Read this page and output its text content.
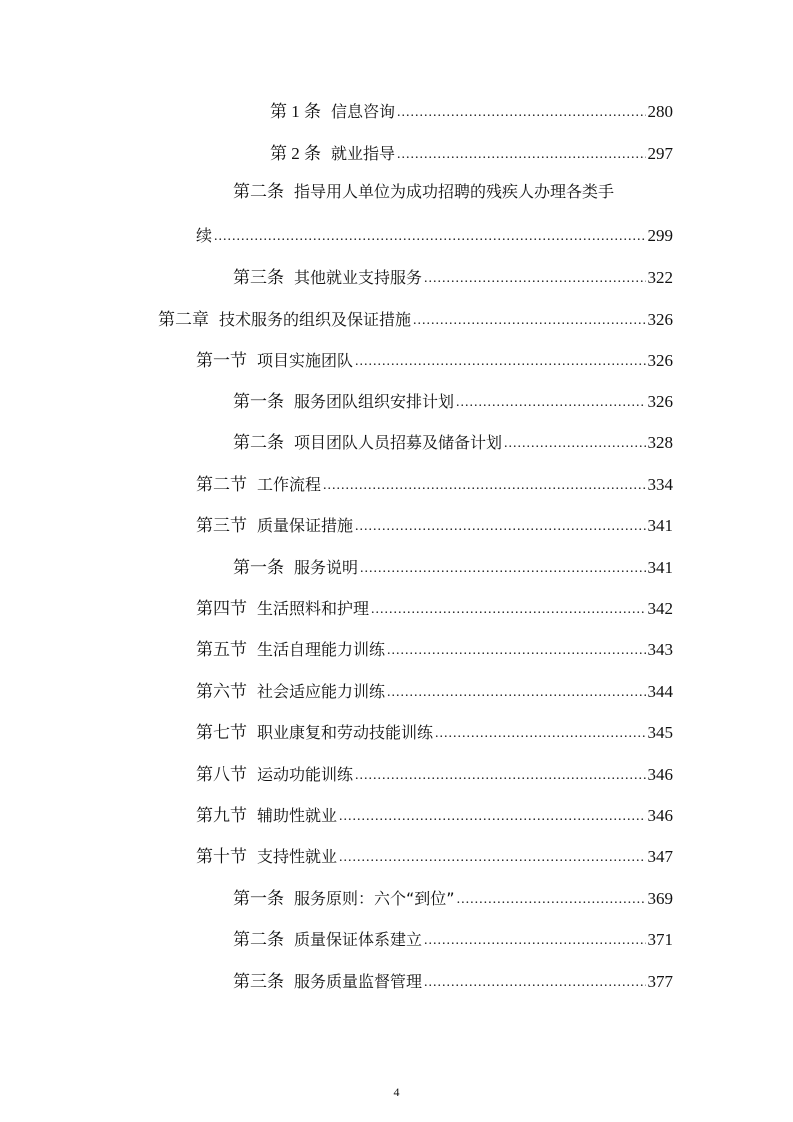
第 1 条 信息咨询 .....	280
第 2 条 就业指导 .....	297
第二条 指导用人单位为成功招聘的残疾人办理各类手
续 .....	299
第三条 其他就业支持服务 .....	322
第二章 技术服务的组织及保证措施 .....	326
第一节 项目实施团队 .....	326
第一条 服务团队组织安排计划 .....	326
第二条 项目团队人员招募及储备计划 .....	328
第二节 工作流程 .....	334
第三节 质量保证措施 .....	341
第一条 服务说明 .....	341
第四节 生活照料和护理 .....	342
第五节 生活自理能力训练 .....	343
第六节 社会适应能力训练 .....	344
第七节 职业康复和劳动技能训练 .....	345
第八节 运动功能训练 .....	346
第九节 辅助性就业 .....	346
第十节 支持性就业 .....	347
第一条 服务原则：六个“到位” .....	369
第二条 质量保证体系建立 .....	371
第三条 服务质量监督管理 .....	377
4
